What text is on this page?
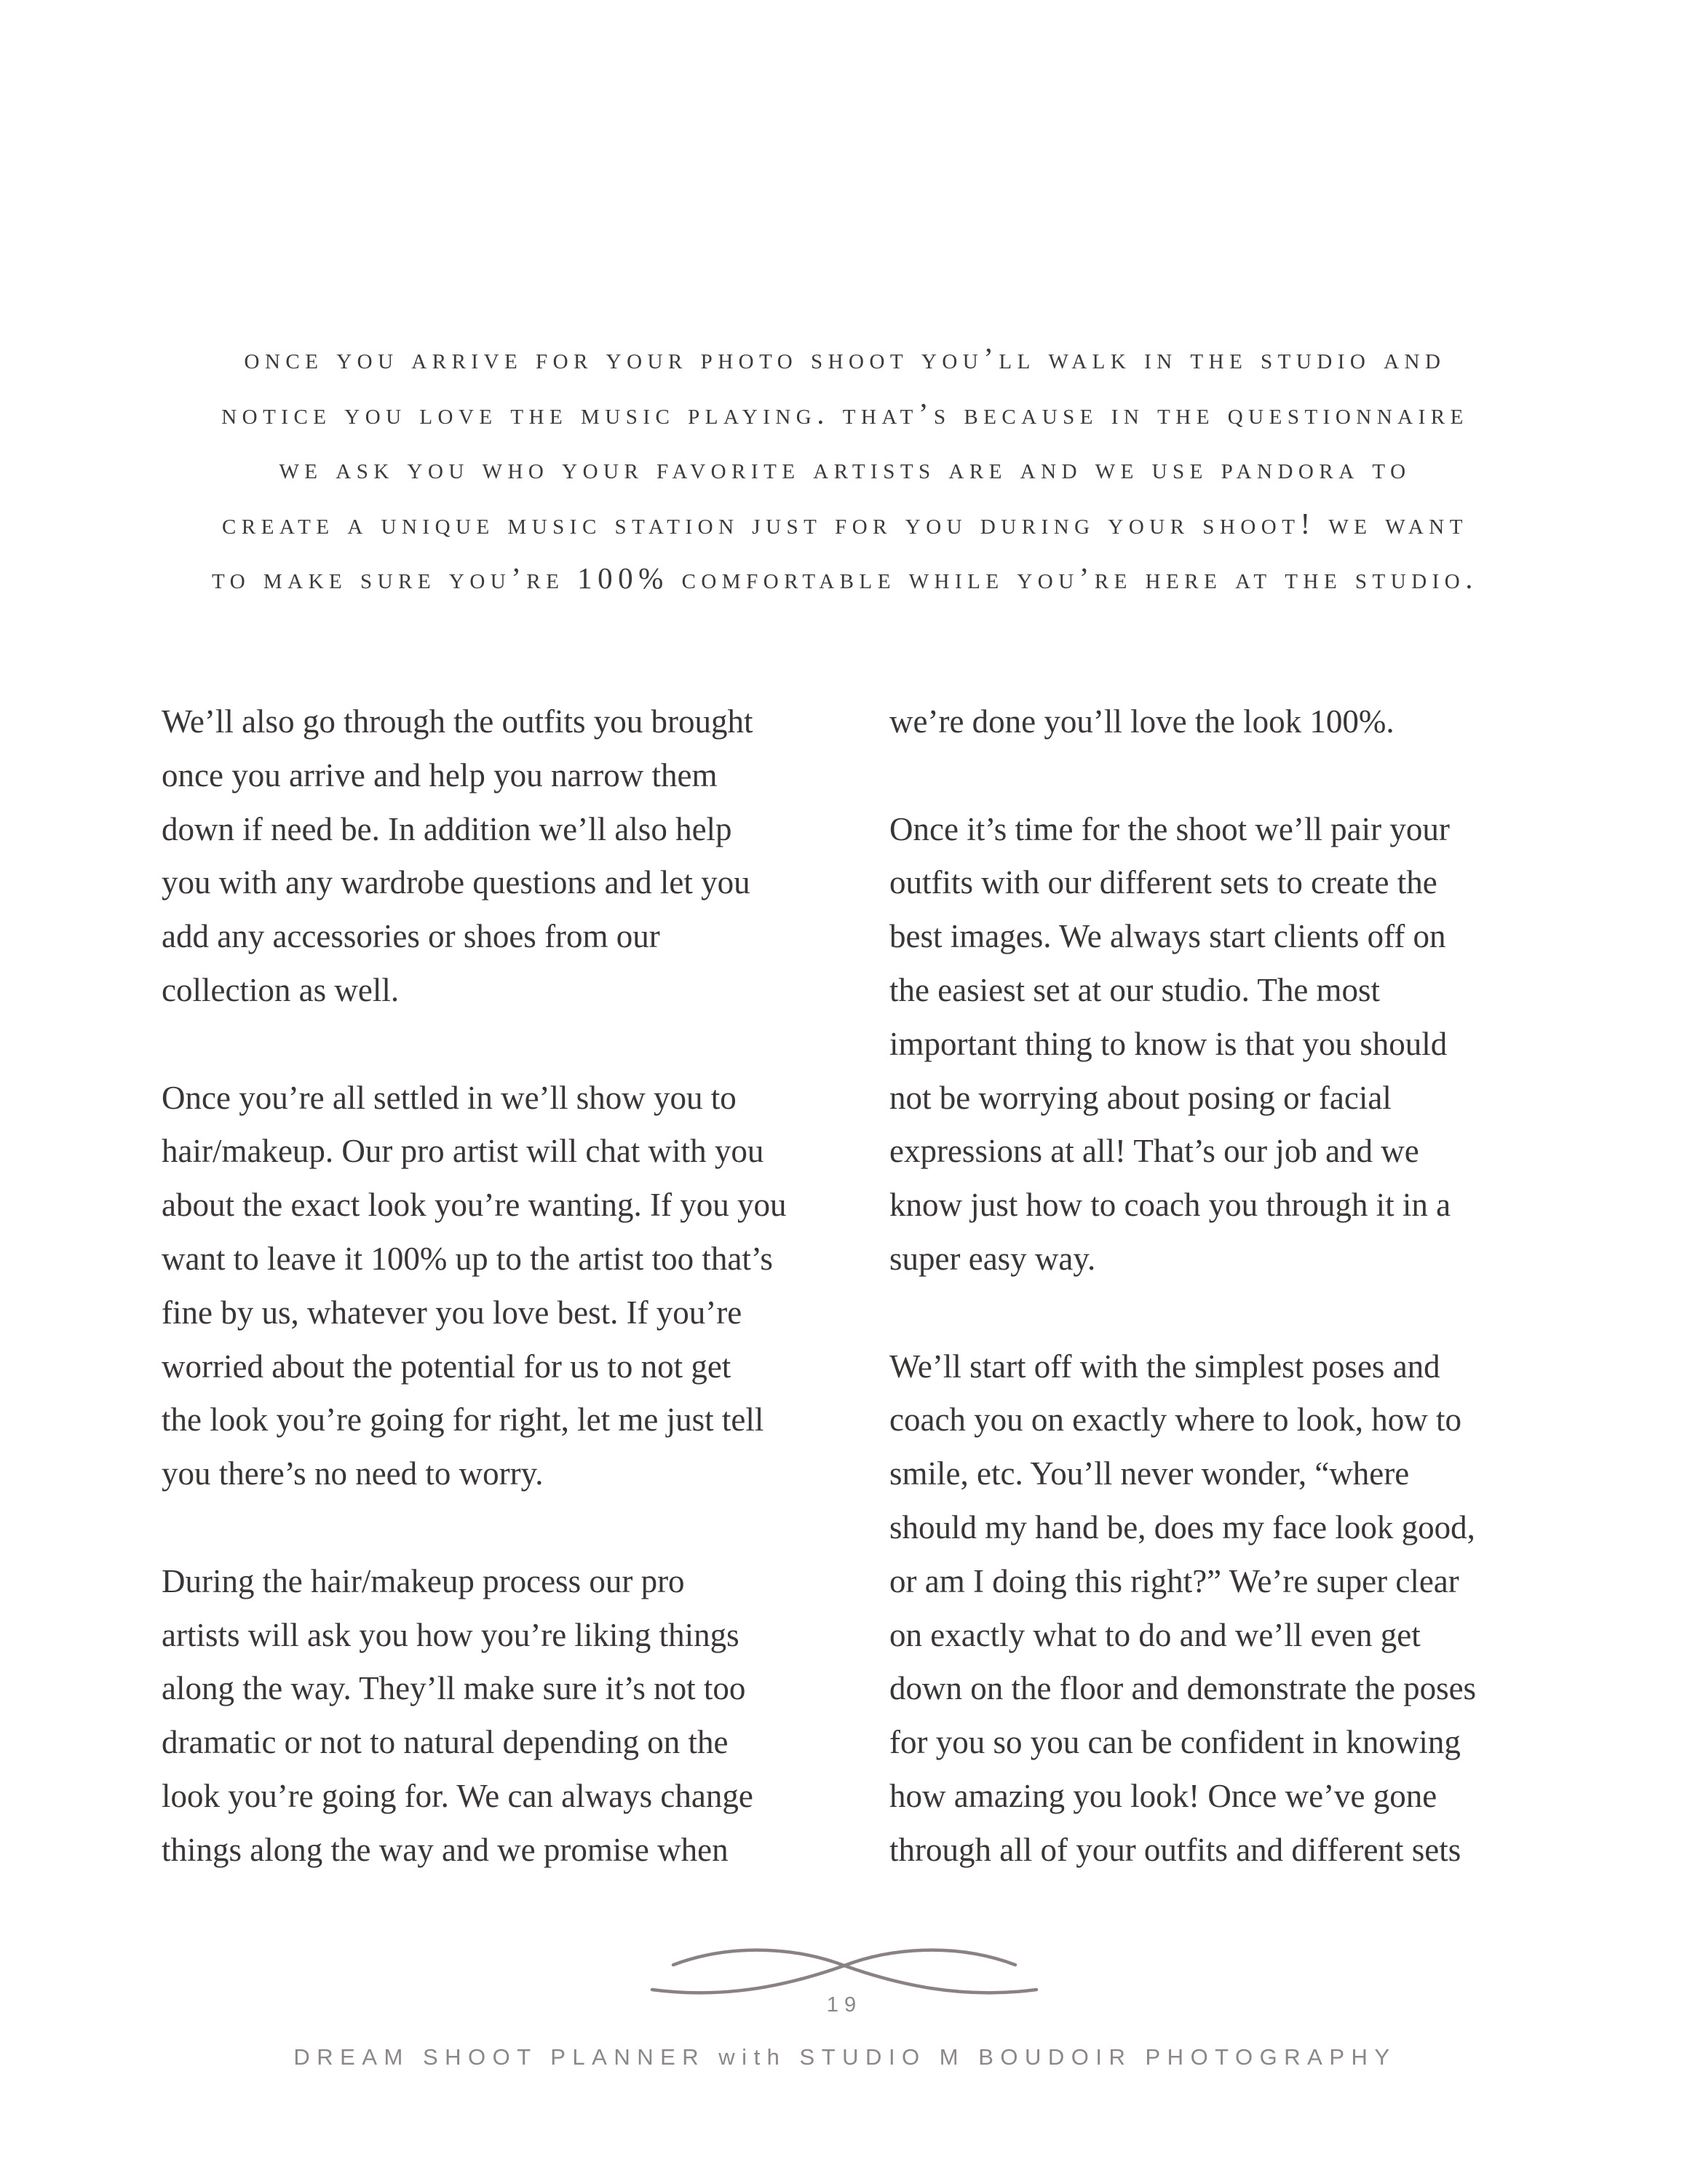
once you arrive for your photo shoot you’ll walk in the studio and
notice you love the music playing. that’s because in the questionnaire
we ask you who your favorite artists are and we use pandora to
create a unique music station just for you during your shoot! we want
to make sure you’re 100% comfortable while you’re here at the studio.

We’ll also go through the outfits you brought
once you arrive and help you narrow them
down if need be. In addition we’ll also help
you with any wardrobe questions and let you
add any accessories or shoes from our
collection as well.

Once you’re all settled in we’ll show you to
hair/makeup. Our pro artist will chat with you
about the exact look you’re wanting. If you you
want to leave it 100% up to the artist too that’s
fine by us, whatever you love best. If you’re
worried about the potential for us to not get
the look you’re going for right, let me just tell
you there’s no need to worry.

During the hair/makeup process our pro
artists will ask you how you’re liking things
along the way. They’ll make sure it’s not too
dramatic or not to natural depending on the
look you’re going for. We can always change
things along the way and we promise when

we’re done you’ll love the look 100%.

Once it’s time for the shoot we’ll pair your
outfits with our different sets to create the
best images. We always start clients off on
the easiest set at our studio. The most
important thing to know is that you should
not be worrying about posing or facial
expressions at all! That’s our job and we
know just how to coach you through it in a
super easy way.

We’ll start off with the simplest poses and
coach you on exactly where to look, how to
smile, etc. You’ll never wonder, “where
should my hand be, does my face look good,
or am I doing this right?” We’re super clear
on exactly what to do and we’ll even get
down on the floor and demonstrate the poses
for you so you can be confident in knowing
how amazing you look! Once we’ve gone
through all of your outfits and different sets

19
DREAM SHOOT PLANNER with STUDIO M BOUDOIR PHOTOGRAPHY
